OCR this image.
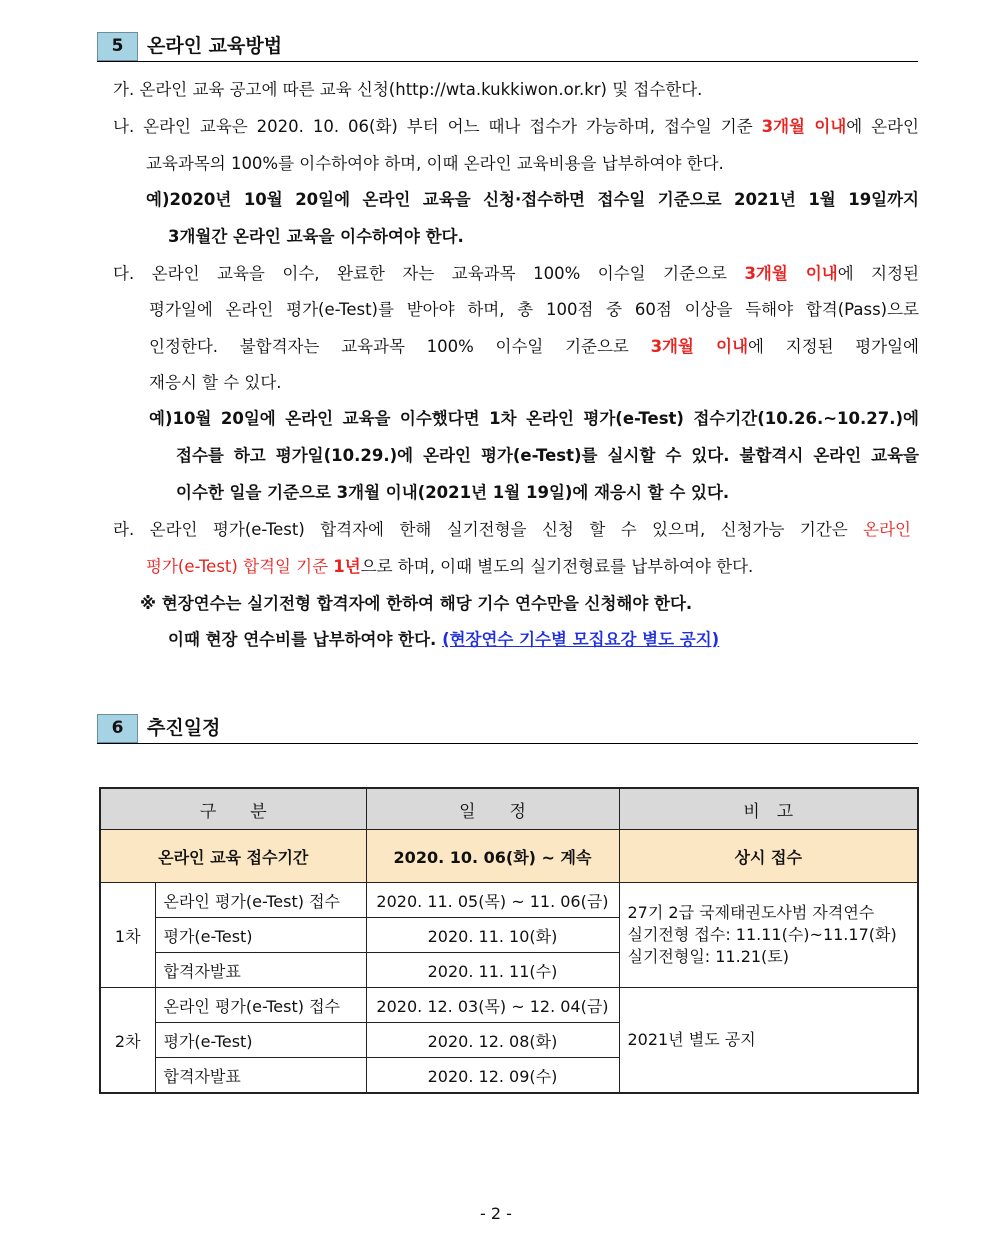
5	온라인 교육방법
가. 온라인 교육 공고에 따른 교육 신청(http://wta.kukkiwon.or.kr) 및 접수한다.
나. 온라인 교육은 2020. 10. 06(화) 부터 어느 때나 접수가 가능하며, 접수일 기준 3개월 이내에 온라인
교육과목의 100%를 이수하여야 하며, 이때 온라인 교육비용을 납부하여야 한다.
예)2020년 10월 20일에 온라인 교육을 신청·접수하면 접수일 기준으로 2021년 1월 19일까지
3개월간 온라인 교육을 이수하여야 한다.
다. 온라인 교육을 이수, 완료한 자는 교육과목 100% 이수일 기준으로 3개월 이내에 지정된
평가일에 온라인 평가(e-Test)를 받아야 하며, 총 100점 중 60점 이상을 득해야 합격(Pass)으로
인정한다. 불합격자는 교육과목 100% 이수일 기준으로 3개월 이내에 지정된 평가일에
재응시 할 수 있다.
예)10월 20일에 온라인 교육을 이수했다면 1차 온라인 평가(e-Test) 접수기간(10.26.~10.27.)에
접수를 하고 평가일(10.29.)에 온라인 평가(e-Test)를 실시할 수 있다. 불합격시 온라인 교육을
이수한 일을 기준으로 3개월 이내(2021년 1월 19일)에 재응시 할 수 있다.
라. 온라인 평가(e-Test) 합격자에 한해 실기전형을 신청 할 수 있으며, 신청가능 기간은 온라인
평가(e-Test) 합격일 기준 1년으로 하며, 이때 별도의 실기전형료를 납부하여야 한다.
※ 현장연수는 실기전형 합격자에 한하여 해당 기수 연수만을 신청해야 한다.
이때 현장 연수비를 납부하여야 한다. (현장연수 기수별 모집요강 별도 공지)
6	추진일정
구　　분		일　　정	비　고
온라인 교육 접수기간		2020. 10. 06(화) ~ 계속	상시 접수
1차	온라인 평가(e-Test) 접수	2020. 11. 05(목) ~ 11. 06(금)	27기 2급 국제태권도사범 자격연수
실기전형 접수: 11.11(수)~11.17(화)
실기전형일: 11.21(토)

	평가(e-Test)	2020. 11. 10(화)	
	합격자발표	2020. 11. 11(수)	
2차	온라인 평가(e-Test) 접수	2020. 12. 03(목) ~ 12. 04(금)	2021년 별도 공지
	평가(e-Test)	2020. 12. 08(화)	
	합격자발표	2020. 12. 09(수)	
- 2 -
